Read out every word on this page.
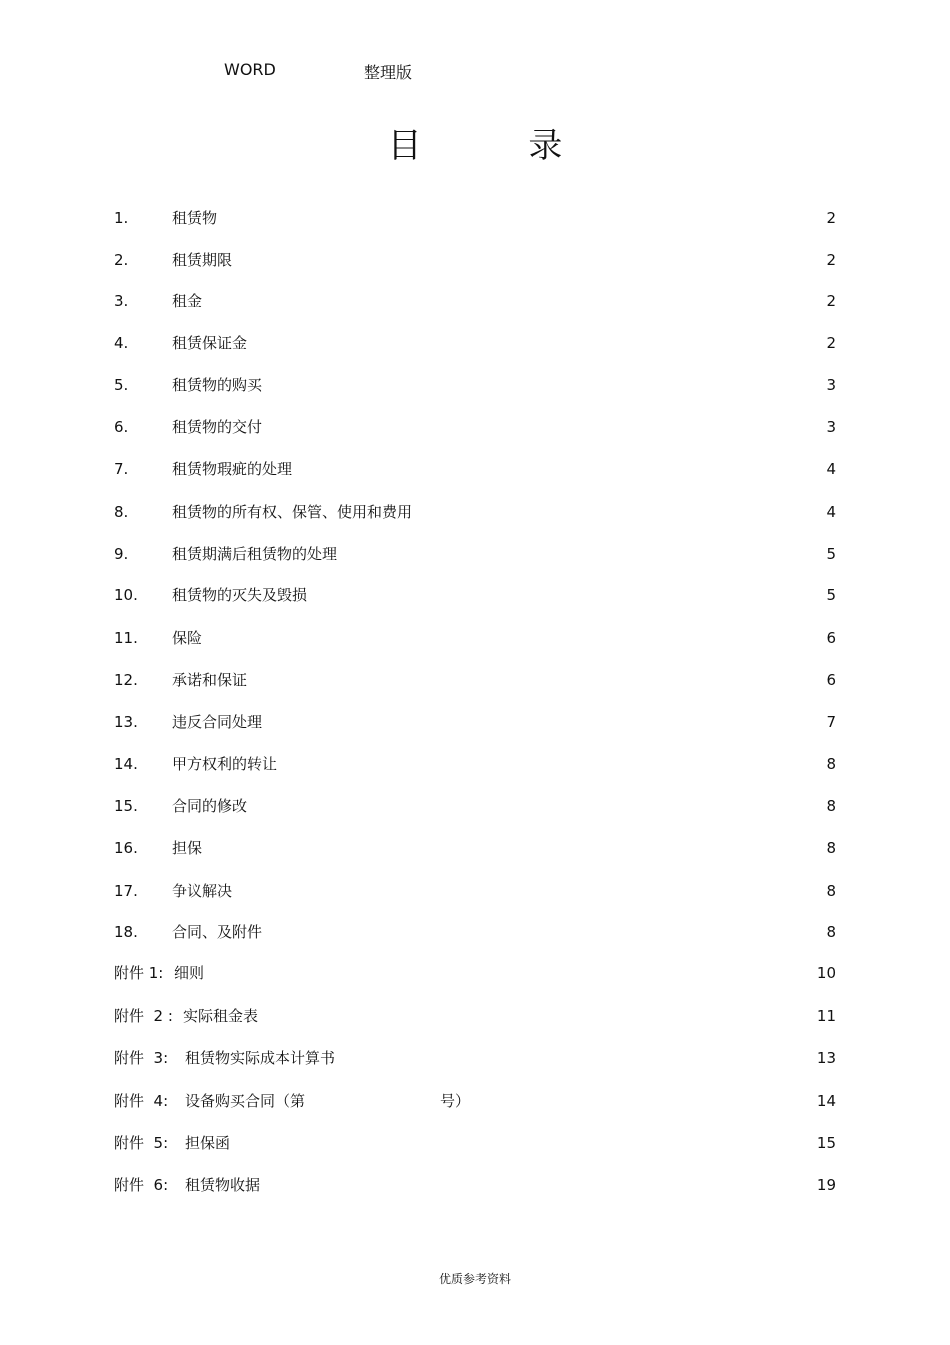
WORD	整理版
目 录
1.	租赁物	2
2.	租赁期限	2
3.	租金	2
4.	租赁保证金	2
5.	租赁物的购买	3
6.	租赁物的交付	3
7.	租赁物瑕疵的处理	4
8.	租赁物的所有权、保管、使用和费用	4
9.	租赁期满后租赁物的处理	5
10. 租赁物的灭失及毁损	5
11. 保险	6
12. 承诺和保证	6
13. 违反合同处理	7
14. 甲方权利的转让	8
15. 合同的修改	8
16. 担保	8
17. 争议解决	8
18. 合同、及附件	8
附件 1: 细则	10
附件  2 : 实际租金表	11
附件  3: 租赁物实际成本计算书	13
附件  4: 设备购买合同（第	号）	14
附件  5: 担保函	15
附件  6: 租赁物收据	19
优质参考资料
